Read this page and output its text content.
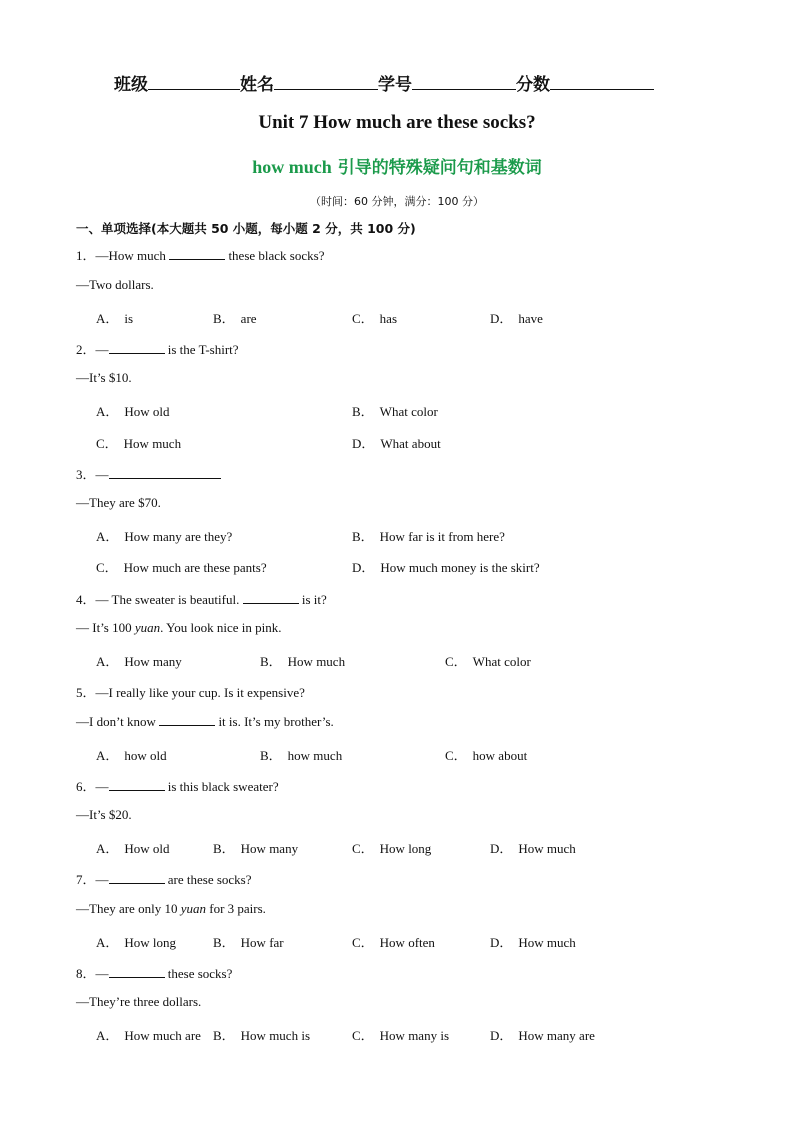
班级	姓名	学号	分数
Unit 7 How much are these socks?
how much 引导的特殊疑问句和基数词
（时间：60 分钟，满分：100 分）
一、单项选择(本大题共 50 小题，每小题 2 分，共 100 分)
1．—How much	these black socks?
—Two dollars.
A． is	B． are	C． has	D． have
2．—	is the T-shirt?
—It’s $10.
A． How old	B． What color
C． How much	D． What about
3．—
—They are $70.
A． How many are they?	B． How far is it from here?
C． How much are these pants?	D． How much money is the skirt?
4．— The sweater is beautiful.	is it?
— It’s 100 yuan. You look nice in pink.
A． How many	B． How much	C． What color
5．—I really like your cup. Is it expensive?
—I don’t know	it is. It’s my brother’s.
A． how old	B． how much	C． how about
6．—	is this black sweater?
—It’s $20.
A． How old	B． How many	C． How long	D． How much
7．—	are these socks?
—They are only 10 yuan for 3 pairs.
A． How long	B． How far	C． How often	D． How much
8．—	these socks?
—They’re three dollars.
A． How much are B． How much is	C． How many is	D． How many are
